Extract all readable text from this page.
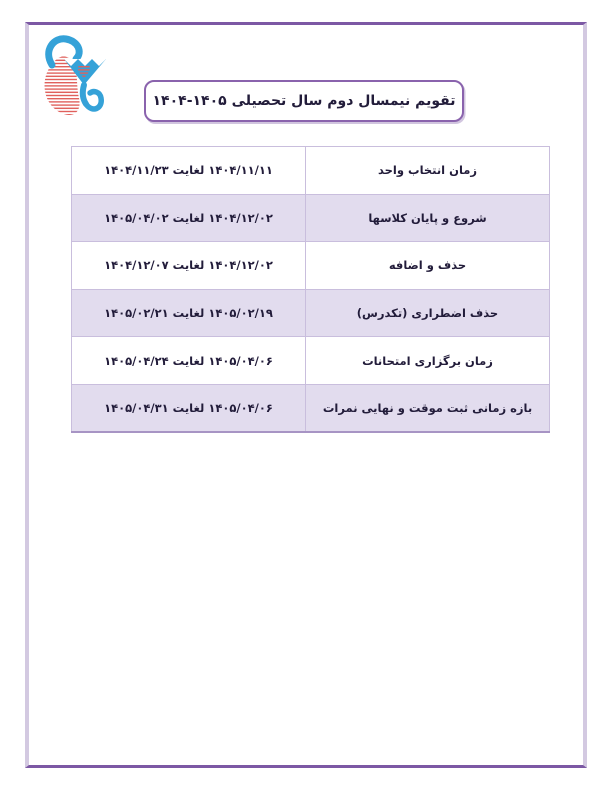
تقویم نیمسال دوم سال تحصیلی ۱۴۰۵-۱۴۰۴
زمان انتخاب واحد	۱۴۰۴/۱۱/۱۱ لغایت ۱۴۰۴/۱۱/۲۳
شروع و پایان کلاسها	۱۴۰۴/۱۲/۰۲ لغایت ۱۴۰۵/۰۴/۰۲
حذف و اضافه	۱۴۰۴/۱۲/۰۲ لغایت ۱۴۰۴/۱۲/۰۷
حذف اضطراری (تکدرس)	۱۴۰۵/۰۲/۱۹ لغایت ۱۴۰۵/۰۲/۲۱
زمان برگزاری امتحانات	۱۴۰۵/۰۴/۰۶ لغایت ۱۴۰۵/۰۴/۲۴
بازه زمانی ثبت موقت و نهایی نمرات	۱۴۰۵/۰۴/۰۶ لغایت ۱۴۰۵/۰۴/۳۱
